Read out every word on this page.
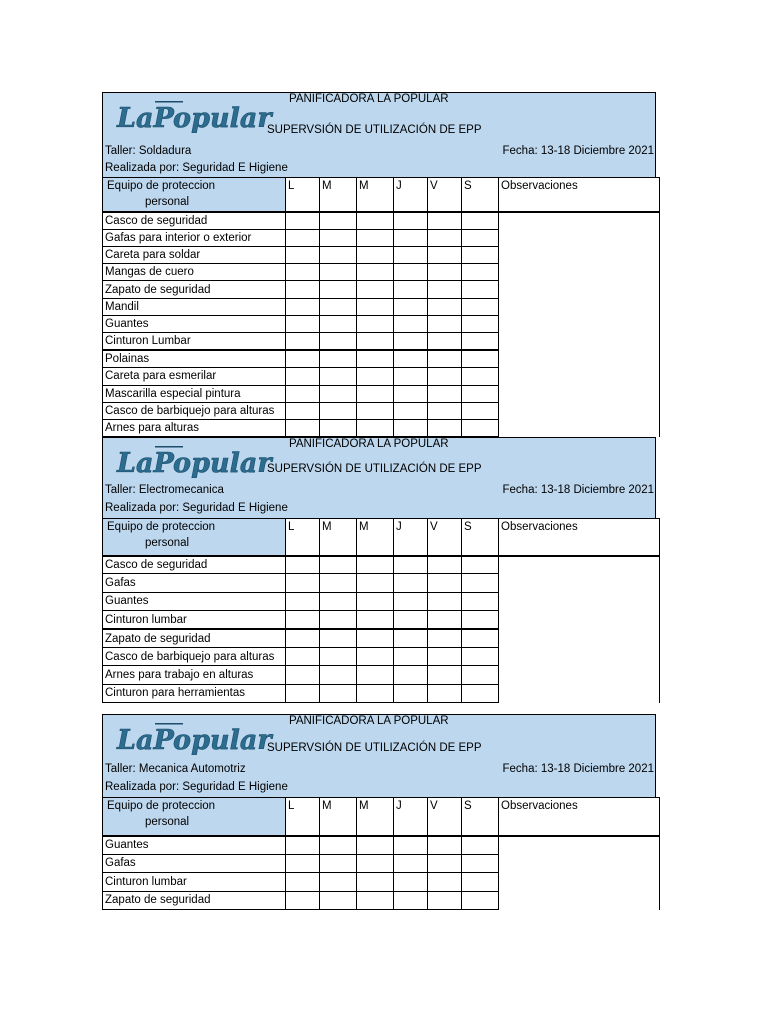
LaPopular
PANIFICADORA LA POPULAR
SUPERVSIÓN DE UTILIZACIÓN DE EPP
Taller: Soldadura	Fecha: 13-18 Diciembre 2021
Realizada por: Seguridad E Higiene
Equipo de proteccion
personal	L	M	M	J	V	S	Observaciones
Casco de seguridad							
Gafas para interior o exterior							
Careta para soldar							
Mangas de cuero							
Zapato de seguridad							
Mandil							
Guantes							
Cinturon Lumbar							
Polainas							
Careta para esmerilar							
Mascarilla especial pintura							
Casco de barbiquejo para alturas							
Arnes para alturas							
LaPopular
PANIFICADORA LA POPULAR
SUPERVSIÓN DE UTILIZACIÓN DE EPP
Taller: Electromecanica	Fecha: 13-18 Diciembre 2021
Realizada por: Seguridad E Higiene
Equipo de proteccion
personal	L	M	M	J	V	S	Observaciones
Casco de seguridad							
Gafas							
Guantes							
Cinturon lumbar							
Zapato de seguridad							
Casco de barbiquejo para alturas							
Arnes para trabajo en alturas							
Cinturon para herramientas							
LaPopular
PANIFICADORA LA POPULAR
SUPERVSIÓN DE UTILIZACIÓN DE EPP
Taller: Mecanica Automotriz	Fecha: 13-18 Diciembre 2021
Realizada por: Seguridad E Higiene
Equipo de proteccion
personal	L	M	M	J	V	S	Observaciones
Guantes							
Gafas							
Cinturon lumbar							
Zapato de seguridad							
